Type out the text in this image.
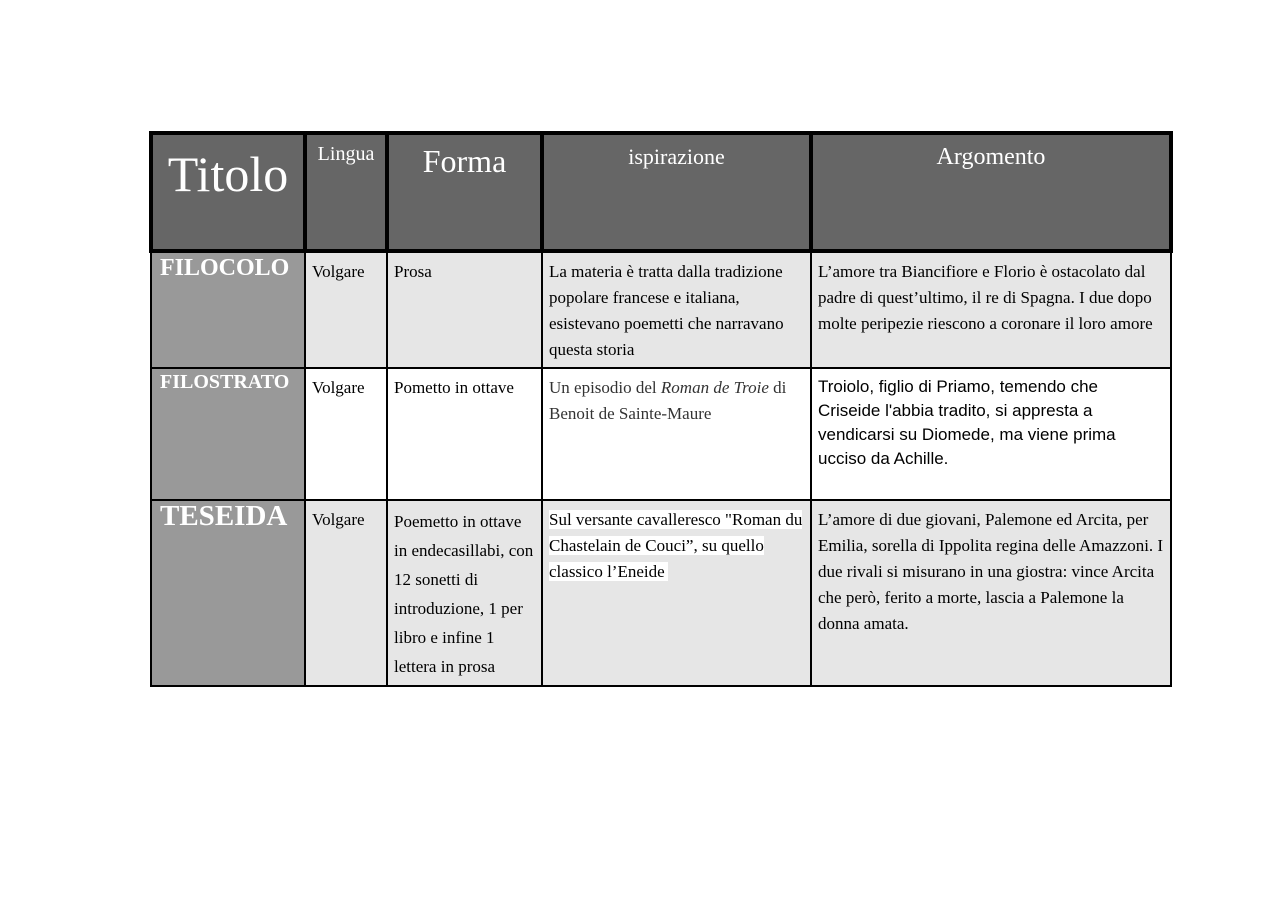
Titolo	Lingua	Forma	ispirazione	Argomento
FILOCOLO	Volgare	Prosa	La materia è tratta dalla tradizione popolare francese e italiana, esistevano poemetti che narravano questa storia	L’amore tra Biancifiore e Florio è ostacolato dal padre di quest’ultimo, il re di Spagna. I due dopo molte peripezie riescono a coronare il loro amore
FILOSTRATO	Volgare	Pometto in ottave	Un episodio del Roman de Troie di Benoit de Sainte-Maure	Troiolo, figlio di Priamo, temendo che Criseide l'abbia tradito, si appresta a vendicarsi su Diomede, ma viene prima ucciso da Achille.
TESEIDA	Volgare	Poemetto in ottave in endecasillabi, con 12 sonetti di introduzione, 1 per libro e infine 1 lettera in prosa	Sul versante cavalleresco "Roman du Chastelain de Couci”, su quello classico l’Eneide	L’amore di due giovani, Palemone ed Arcita, per Emilia, sorella di Ippolita regina delle Amazzoni. I due rivali si misurano in una giostra: vince Arcita che però, ferito a morte, lascia a Palemone la donna amata.
